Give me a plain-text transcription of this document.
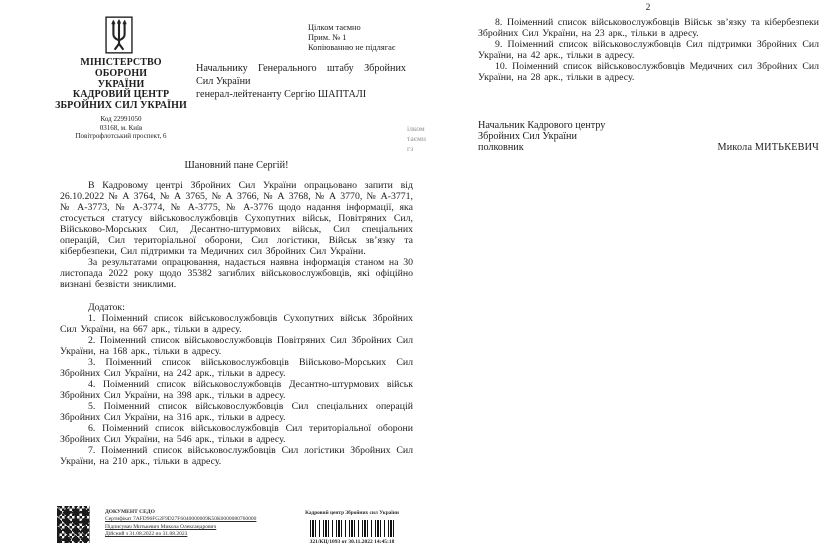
МІНІСТЕРСТВО ОБОРОНИ
УКРАЇНИ
КАДРОВИЙ ЦЕНТР
ЗБРОЙНИХ СИЛ УКРАЇНИ
Код 22991050
03168, м. Київ
Повітрофлотський проспект, 6
Цілком таємно
Прим. № 1
Копіюванню не підлягає
Начальнику Генерального штабу Збройних
Сил України
генерал-лейтенанту Сергію ШАПТАЛІ
ілком
таємн
гз
Шановний пане Сергій!

В Кадровому центрі Збройних Сил України опрацьовано запити від 26.10.2022 № А 3764, № А 3765, № А 3766, № А 3768, № А 3770, № А-3771, № А-3773, № А-3774, № А-3775, № А-3776 щодо надання інформації, яка стосується статусу військовослужбовців Сухопутних військ, Повітряних Сил, Військово-Морських Сил, Десантно-штурмових військ, Сил спеціальних операцій, Сил територіальної оборони, Сил логістики, Військ зв’язку та кібербезпеки, Сил підтримки та Медичних сил Збройних Сил України.

За результатами опрацювання, надається наявна інформація станом на 30 листопада 2022 року щодо 35382 загиблих військовослужбовців, які офіційно визнані безвісти зниклими.

Додаток:

1. Поіменний список військовослужбовців Сухопутних військ Збройних Сил України, на 667 арк., тільки в адресу.

2. Поіменний список військовослужбовців Повітряних Сил Збройних Сил України, на 168 арк., тільки в адресу.

3. Поіменний список військовослужбовців Військово-Морських Сил Збройних Сил України, на 242 арк., тільки в адресу.

4. Поіменний список військовослужбовців Десантно-штурмових військ Збройних Сил України, на 398 арк., тільки в адресу.

5. Поіменний список військовослужбовців Сил спеціальних операцій Збройних Сил України, на 316 арк., тільки в адресу.

6. Поіменний список військовослужбовців Сил територіальної оборони Збройних Сил України, на 546 арк., тільки в адресу.

7. Поіменний список військовослужбовців Сил логістики Збройних Сил України, на 210 арк., тільки в адресу.

ДОКУМЕНТ СЕДО
Сертифікат 7AFD96FG2F9D27F6040000009К50К0000080760000
Підписувач Митькевич Микола Олександрович
Дійсний з 31.08.2022 по 31.08.2023
Кадровий центр Збройних сил України
321/КЦ/1093 от 30.11.2022 14:45:18
2

8. Поіменний список військовослужбовців Військ зв’язку та кібербезпеки Збройних Сил України, на 23 арк., тільки в адресу.

9. Поіменний список військовослужбовців Сил підтримки Збройних Сил України, на 42 арк., тільки в адресу.

10. Поіменний список військовослужбовців Медичних сил Збройних Сил України, на 28 арк., тільки в адресу.

Начальник Кадрового центру
Збройних Сил України
полковник	Микола МИТЬКЕВИЧ
